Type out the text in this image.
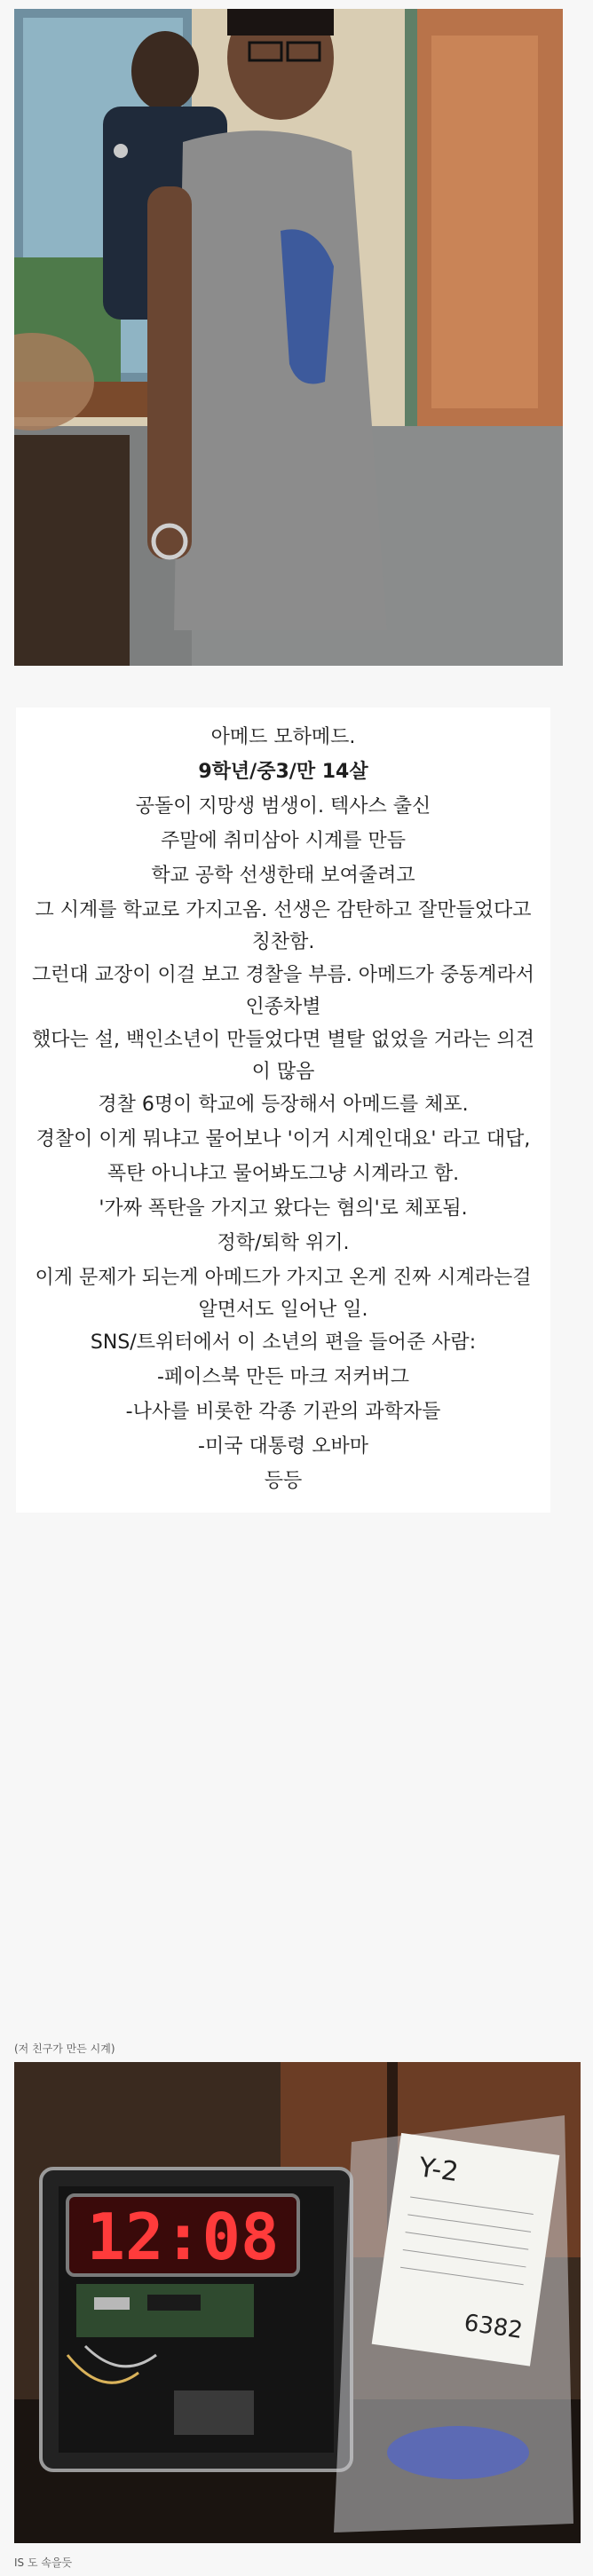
아메드 모하메드.
9학년/중3/만 14살
공돌이 지망생 범생이. 텍사스 출신
주말에 취미삼아 시계를 만듬
학교 공학 선생한태 보여줄려고
그 시계를 학교로 가지고옴. 선생은 감탄하고 잘만들었다고
칭찬함.
그런대 교장이 이걸 보고 경찰을 부름. 아메드가 중동계라서
인종차별
했다는 설, 백인소년이 만들었다면 별탈 없었을 거라는 의견
이 많음
경찰 6명이 학교에 등장해서 아메드를 체포.
경찰이 이게 뭐냐고 물어보나 '이거 시계인대요' 라고 대답,
폭탄 아니냐고 물어봐도그냥 시계라고 함.
'가짜 폭탄을 가지고 왔다는 혐의'로 체포됨.
정학/퇴학 위기.
이게 문제가 되는게 아메드가 가지고 온게 진짜 시계라는걸
알면서도 일어난 일.
SNS/트위터에서 이 소년의 편을 들어준 사람:
-페이스북 만든 마크 저커버그
-나사를 비롯한 각종 기관의 과학자들
-미국 대통령 오바마
등등
(저 친구가 만든 시계)
12:08
Y-2
6382
IS 도 속을듯
